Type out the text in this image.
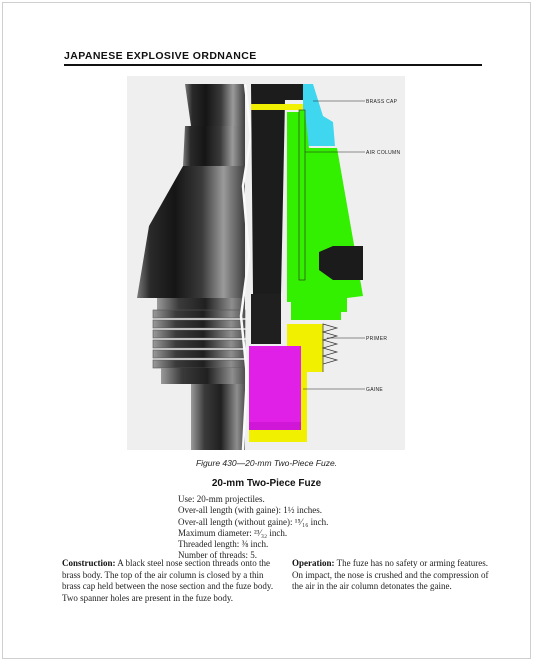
JAPANESE EXPLOSIVE ORDNANCE
BRASS CAP
AIR COLUMN
PRIMER
GAINE
Figure 430—20-mm Two-Piece Fuze.
20-mm Two-Piece Fuze
Use: 20-mm projectiles.
Over-all length (with gaine): 1½ inches.
Over-all length (without gaine): ¹⁵⁄₁₆ inch.
Maximum diameter: ²³⁄₃₂ inch.
Threaded length: ⅜ inch.
Number of threads: 5.
Construction: A black steel nose section threads onto the brass body. The top of the air column is closed by a thin brass cap held between the nose section and the fuze body. Two spanner holes are present in the fuze body.
Operation: The fuze has no safety or arming features. On impact, the nose is crushed and the compression of the air in the air column detonates the gaine.
